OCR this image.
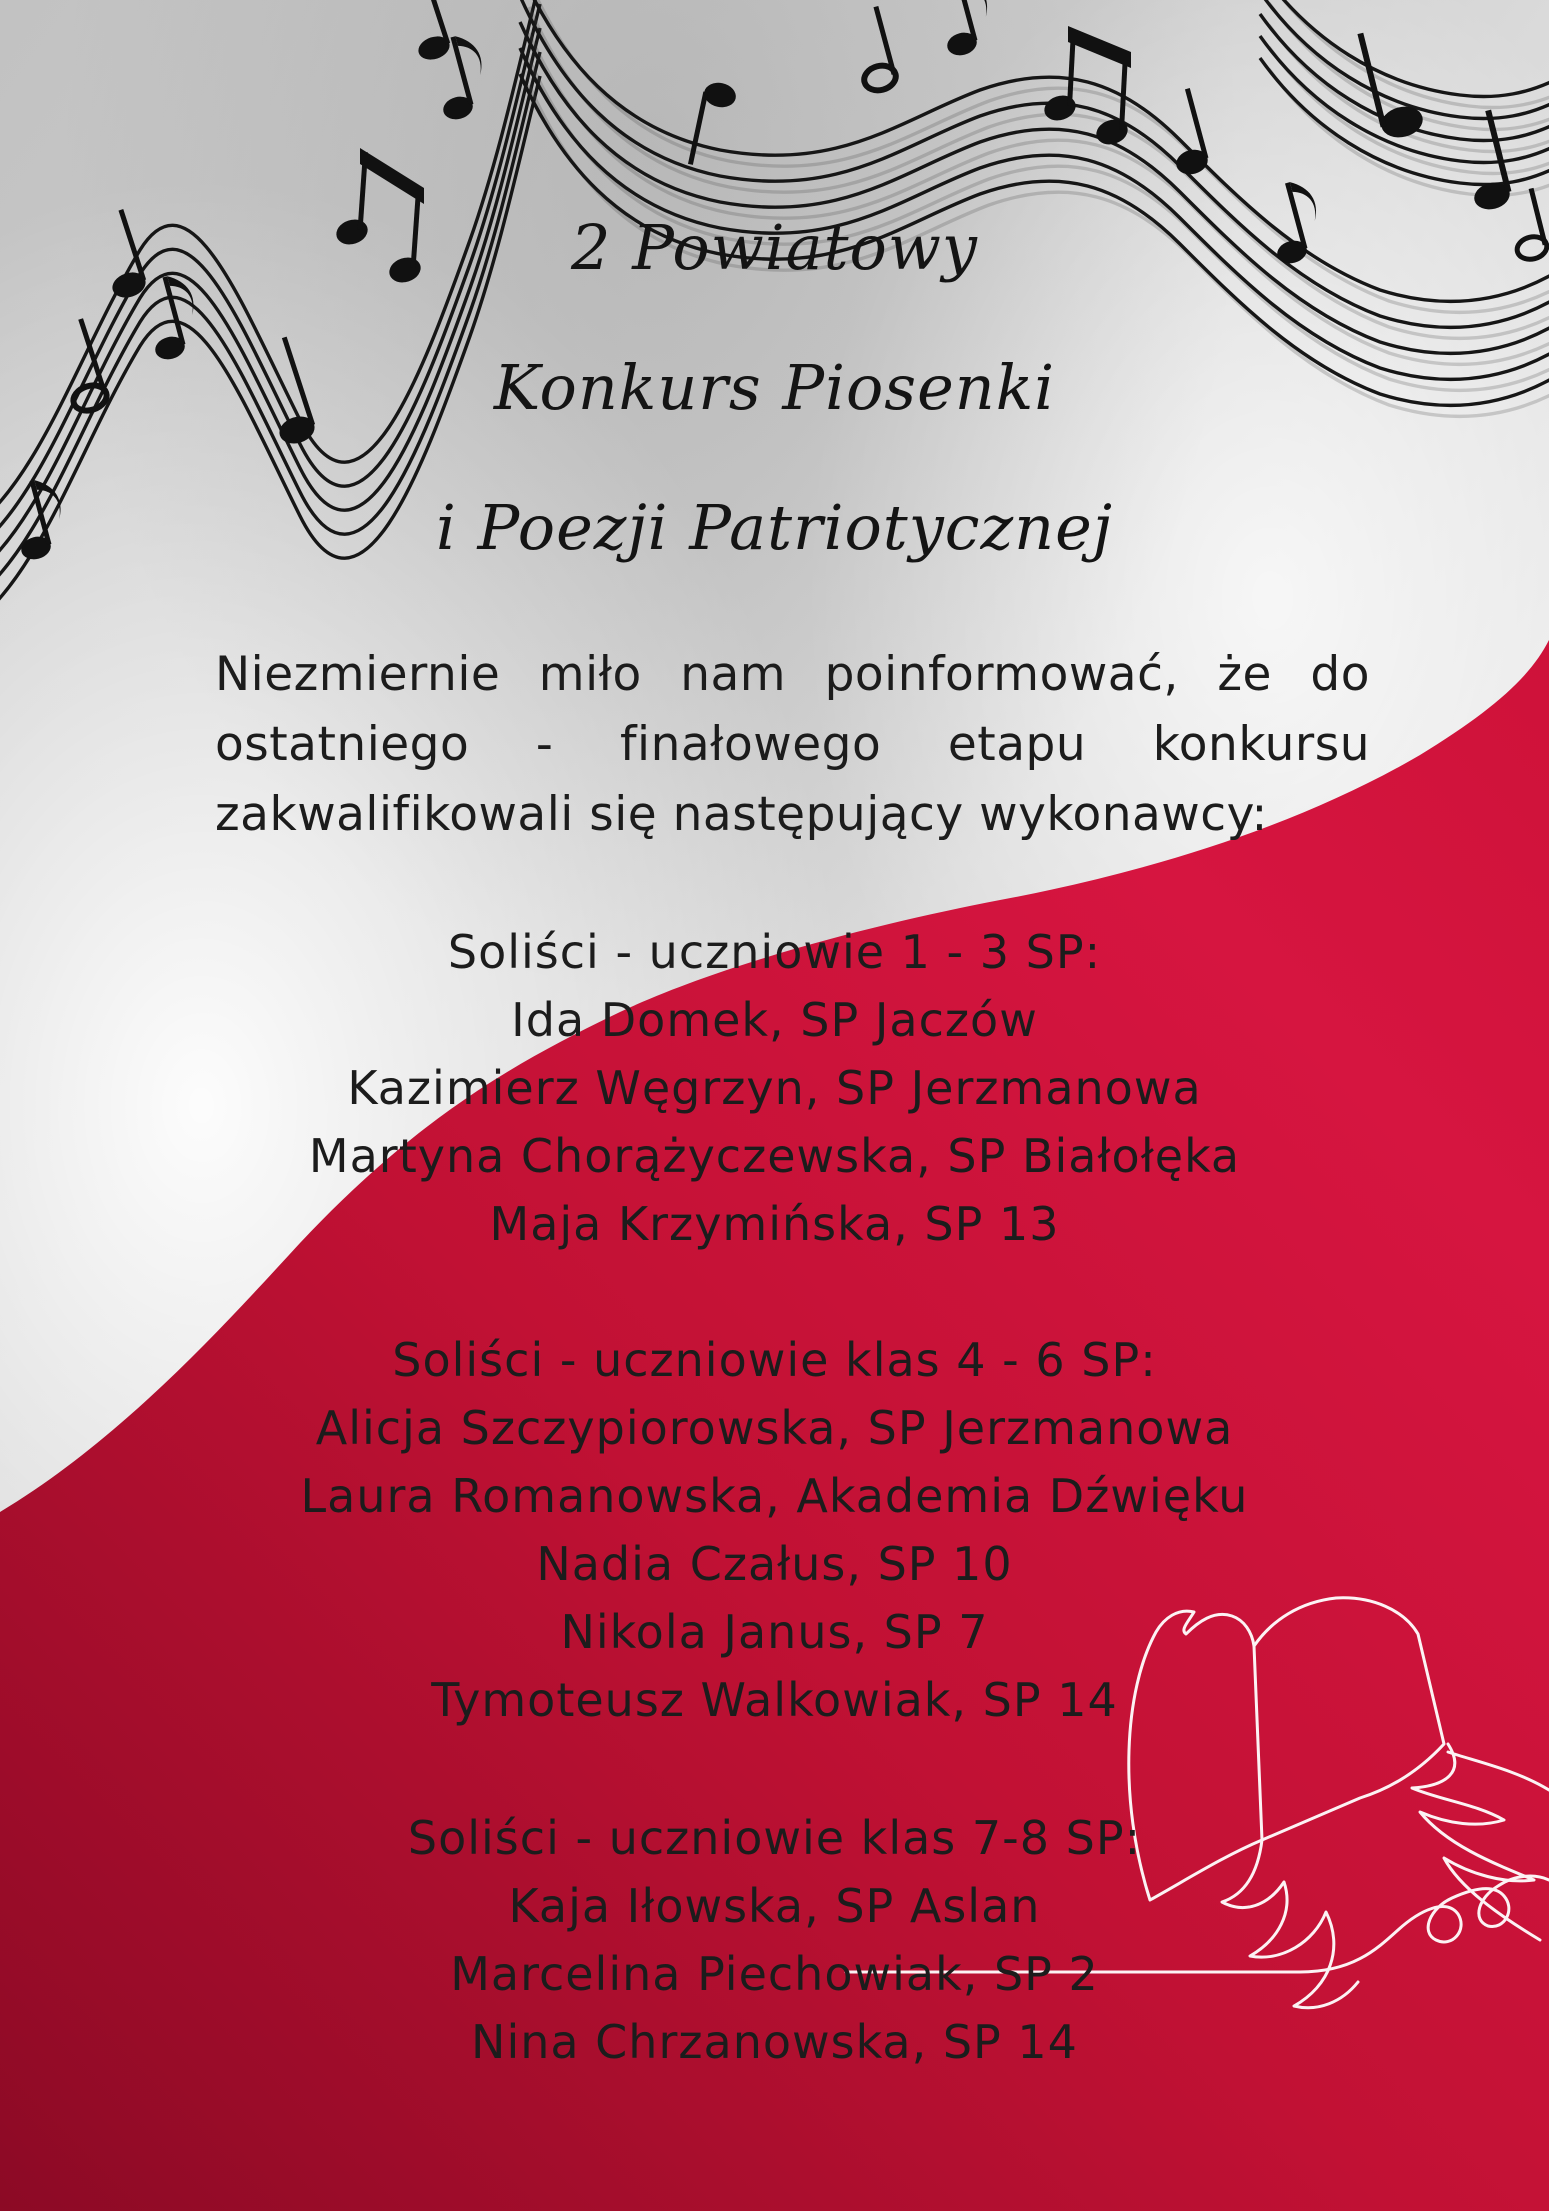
2 Powiatowy
Konkurs Piosenki
i Poezji Patriotycznej
Niezmiernie miło nam poinformować, że do
ostatniego - finałowego etapu konkursu
zakwalifikowali się następujący wykonawcy:
Soliści - uczniowie 1 - 3 SP:
Ida Domek, SP Jaczów
Kazimierz Węgrzyn, SP Jerzmanowa
Martyna Chorążyczewska, SP Białołęka
Maja Krzymińska, SP 13
Soliści - uczniowie klas 4 - 6 SP:
Alicja Szczypiorowska, SP Jerzmanowa
Laura Romanowska, Akademia Dźwięku
Nadia Czałus, SP 10
Nikola Janus, SP 7
Tymoteusz Walkowiak, SP 14
Soliści - uczniowie klas 7-8 SP:
Kaja Iłowska, SP Aslan
Marcelina Piechowiak, SP 2
Nina Chrzanowska, SP 14
